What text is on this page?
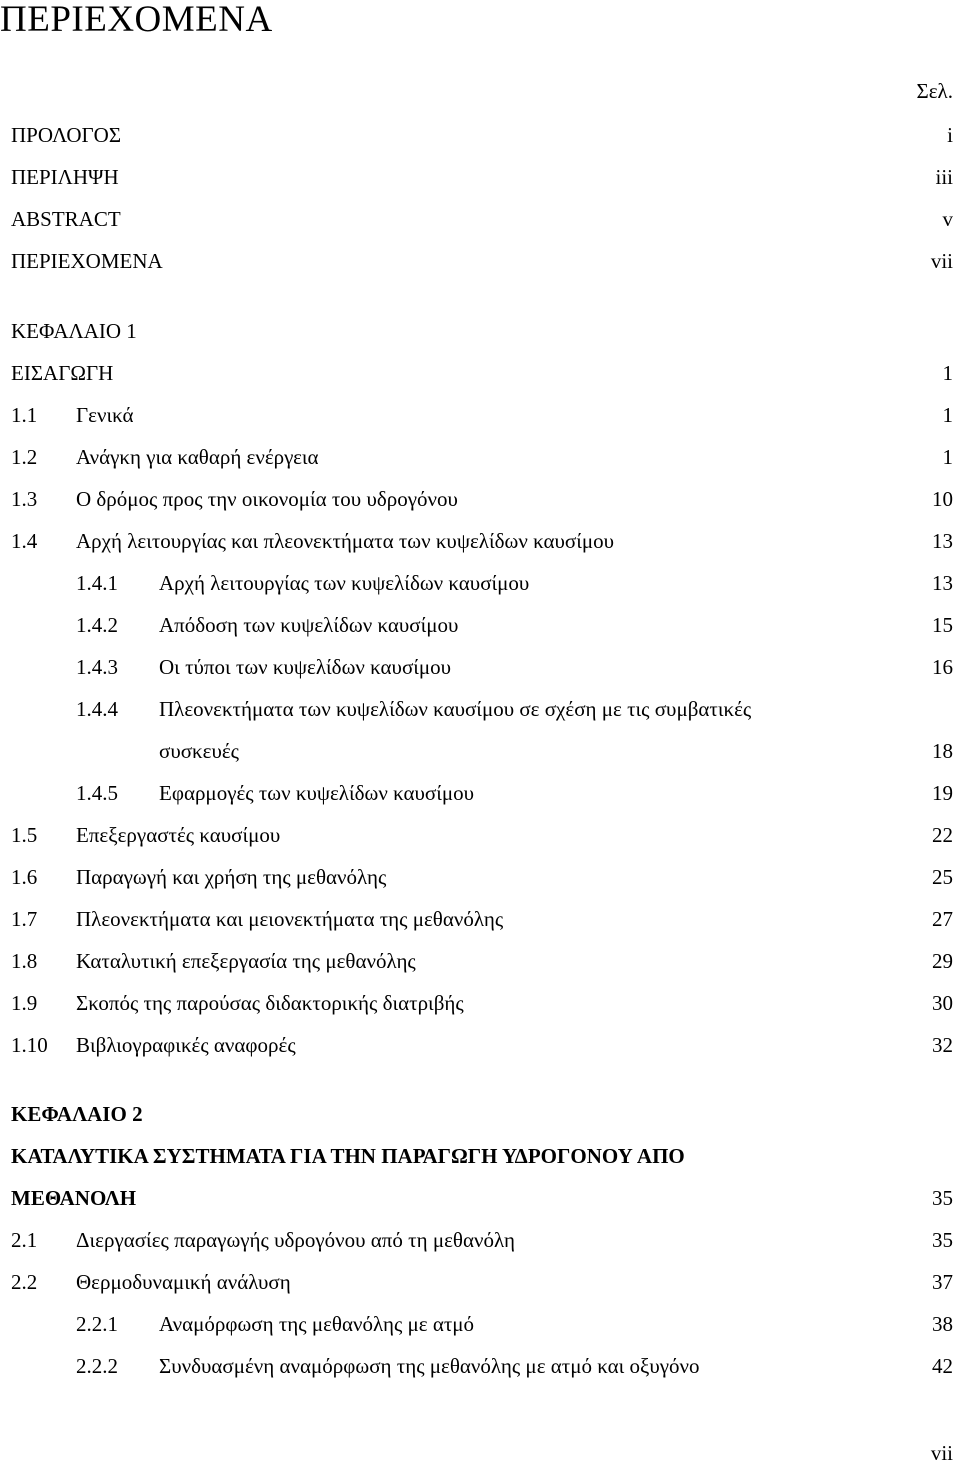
ΠΕΡΙΕΧΟΜΕΝΑ
Σελ.
ΠΡΟΛΟΓΟΣ	i
ΠΕΡΙΛΗΨΗ	iii
ABSTRACT	v
ΠΕΡΙΕΧΟΜΕΝΑ	vii
ΚΕΦΑΛΑΙΟ 1
ΕΙΣΑΓΩΓΗ	1
1.1 Γενικά	1
1.2 Ανάγκη για καθαρή ενέργεια	1
1.3 Ο δρόμος προς την οικονομία του υδρογόνου	10
1.4 Αρχή λειτουργίας και πλεονεκτήματα των κυψελίδων καυσίμου	13
1.4.1 Αρχή λειτουργίας των κυψελίδων καυσίμου	13
1.4.2 Απόδοση των κυψελίδων καυσίμου	15
1.4.3 Οι τύποι των κυψελίδων καυσίμου	16
1.4.4 Πλεονεκτήματα των κυψελίδων καυσίμου σε σχέση με τις συμβατικές
συσκευές	18
1.4.5 Εφαρμογές των κυψελίδων καυσίμου	19
1.5 Επεξεργαστές καυσίμου	22
1.6 Παραγωγή και χρήση της μεθανόλης	25
1.7 Πλεονεκτήματα και μειονεκτήματα της μεθανόλης	27
1.8 Καταλυτική επεξεργασία της μεθανόλης	29
1.9 Σκοπός της παρούσας διδακτορικής διατριβής	30
1.10 Βιβλιογραφικές αναφορές	32
ΚΕΦΑΛΑΙΟ 2
ΚΑΤΑΛΥΤΙΚΑ ΣΥΣΤΗΜΑΤΑ ΓΙΑ ΤΗΝ ΠΑΡΑΓΩΓΗ ΥΔΡΟΓΟΝΟΥ ΑΠΟ
ΜΕΘΑΝΟΛΗ	35
2.1 Διεργασίες παραγωγής υδρογόνου από τη μεθανόλη	35
2.2 Θερμοδυναμική ανάλυση	37
2.2.1 Αναμόρφωση της μεθανόλης με ατμό	38
2.2.2 Συνδυασμένη αναμόρφωση της μεθανόλης με ατμό και οξυγόνο	42
vii
